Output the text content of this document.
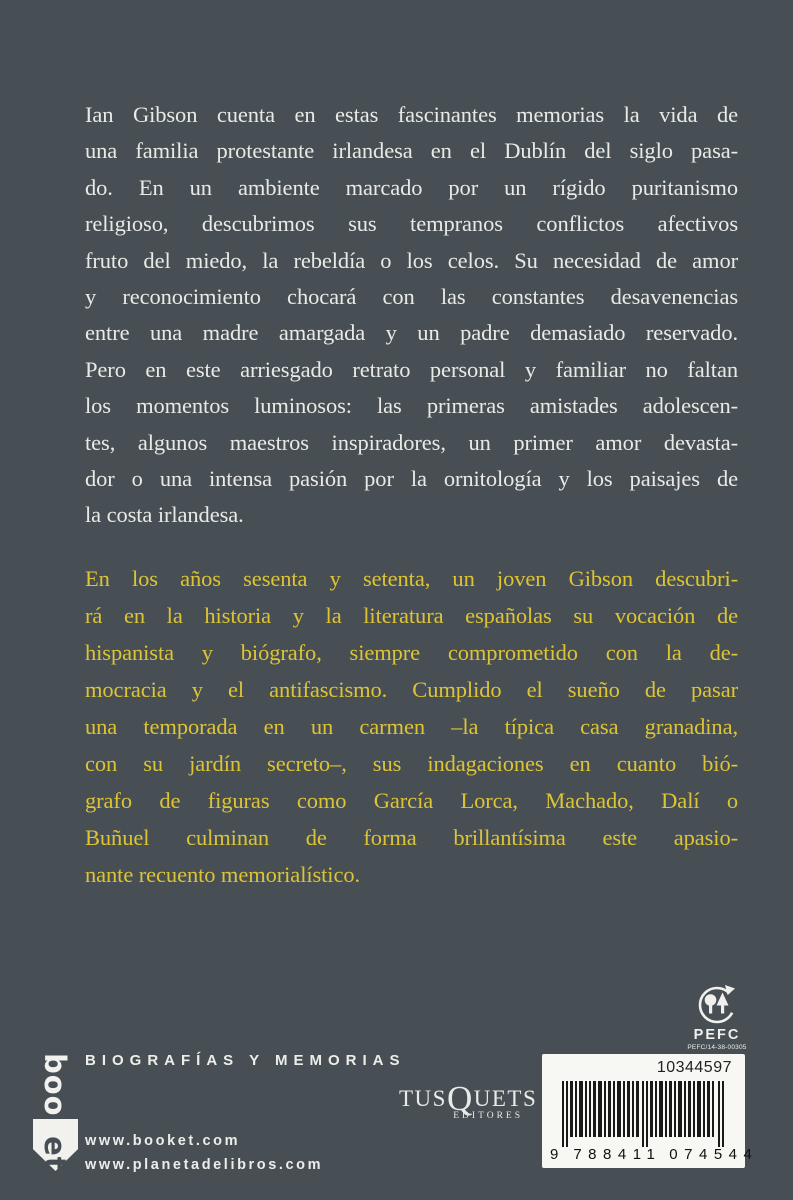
Ian Gibson cuenta en estas fascinantes memorias la vida de
una familia protestante irlandesa en el Dublín del siglo pasa-
do. En un ambiente marcado por un rígido puritanismo
religioso, descubrimos sus tempranos conflictos afectivos
fruto del miedo, la rebeldía o los celos. Su necesidad de amor
y reconocimiento chocará con las constantes desavenencias
entre una madre amargada y un padre demasiado reservado.
Pero en este arriesgado retrato personal y familiar no faltan
los momentos luminosos: las primeras amistades adolescen-
tes, algunos maestros inspiradores, un primer amor devasta-
dor o una intensa pasión por la ornitología y los paisajes de
la costa irlandesa.
En los años sesenta y setenta, un joven Gibson descubri-
rá en la historia y la literatura españolas su vocación de
hispanista y biógrafo, siempre comprometido con la de-
mocracia y el antifascismo. Cumplido el sueño de pasar
una temporada en un carmen –la típica casa granadina,
con su jardín secreto–, sus indagaciones en cuanto bió-
grafo de figuras como García Lorca, Machado, Dalí o
Buñuel culminan de forma brillantísima este apasio-
nante recuento memorialístico.
PEFC
PEFC/14-38-00305
BIOGRAFÍAS Y MEMORIAS
booket www.booket.com
www.planetadelibros.com
TUSQUETS
EDITORES
10344597
9 788411 074544
